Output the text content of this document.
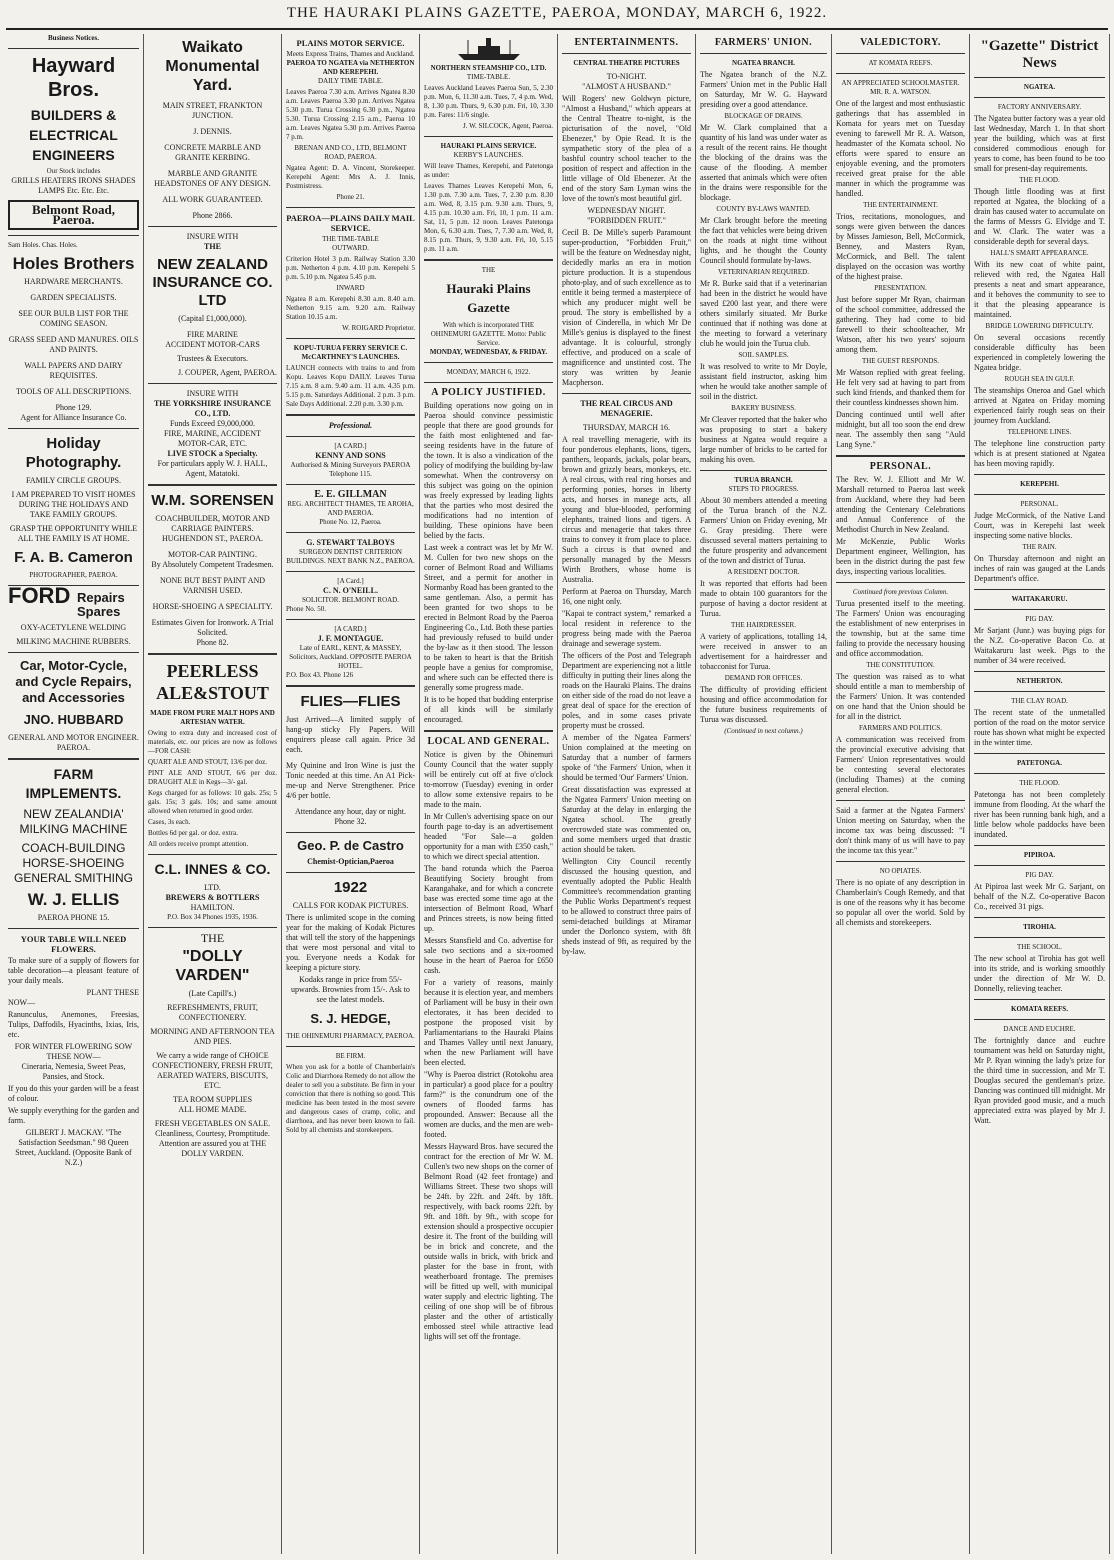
THE HAURAKI PLAINS GAZETTE, PAEROA, MONDAY, MARCH 6, 1922.
Business Notices.
Hayward Bros.
BUILDERS &
ELECTRICAL
ENGINEERS
Our Stock includes
GRILLS HEATERS IRONS SHADES LAMPS Etc. Etc. Etc.
Belmont Road, Paeroa.
Sam Holes. Chas. Holes.
Holes Brothers
HARDWARE MERCHANTS.
GARDEN SPECIALISTS.
SEE OUR BULB LIST FOR THE COMING SEASON.
GRASS SEED AND MANURES. OILS AND PAINTS.
WALL PAPERS AND DAIRY REQUISITES.
TOOLS OF ALL DESCRIPTIONS.
Phone 129.
Agent for Alliance Insurance Co.
Holiday Photography.
FAMILY CIRCLE GROUPS.
I AM PREPARED TO VISIT HOMES DURING THE HOLIDAYS AND TAKE FAMILY GROUPS.
GRASP THE OPPORTUNITY WHILE ALL THE FAMILY IS AT HOME.
F. A. B. Cameron
PHOTOGRAPHER, PAEROA.
FORD Repairs Spares
OXY-ACETYLENE WELDING
MILKING MACHINE RUBBERS.
Car, Motor-Cycle, and Cycle Repairs, and Accessories
JNO. HUBBARD
GENERAL AND MOTOR ENGINEER. PAEROA.
FARM IMPLEMENTS.
NEW ZEALANDIA' MILKING MACHINE
COACH-BUILDING HORSE-SHOEING GENERAL SMITHING
W. J. ELLIS
PAEROA PHONE 15.
YOUR TABLE WILL NEED FLOWERS.
To make sure of a supply of flowers for table decoration—a pleasant feature of your daily meals.
PLANT THESE
NOW—
Ranunculus, Anemones, Freesias, Tulips, Daffodils, Hyacinths, Ixias, Iris, etc.
FOR WINTER FLOWERING SOW THESE NOW—
Cineraria, Nemesia, Sweet Peas, Pansies, and Stock.
If you do this your garden will be a feast of colour.
We supply everything for the garden and farm.
GILBERT J. MACKAY. "The Satisfaction Seedsman." 98 Queen Street, Auckland. (Opposite Bank of N.Z.)
Waikato Monumental Yard.
MAIN STREET, FRANKTON JUNCTION.
J. DENNIS.
CONCRETE MARBLE AND GRANITE KERBING.
MARBLE AND GRANITE HEADSTONES OF ANY DESIGN.
ALL WORK GUARANTEED.
Phone 2866.
INSURE WITH
THE
NEW ZEALAND INSURANCE CO. LTD
(Capital £1,000,000).
FIRE MARINE
ACCIDENT MOTOR-CARS
Trustees & Executors.
J. COUPER, Agent, PAEROA.
INSURE WITH
THE YORKSHIRE INSURANCE CO., LTD.
Funds Exceed £9,000,000.
FIRE, MARINE, ACCIDENT MOTOR-CAR, ETC.
LIVE STOCK a Specialty.
For particulars apply W. J. HALL, Agent, Matatoki.
W.M. SORENSEN
COACHBUILDER, MOTOR AND CARRIAGE PAINTERS.
HUGHENDON ST., PAEROA.
MOTOR-CAR PAINTING.
By Absolutely Competent Tradesmen.
NONE BUT BEST PAINT AND VARNISH USED.
HORSE-SHOEING A SPECIALITY.
Estimates Given for Ironwork. A Trial Solicited.
Phone 82.
PEERLESS ALE&STOUT
MADE FROM PURE MALT HOPS AND ARTESIAN WATER.
Owing to extra duty and increased cost of materials, etc. our prices are now as follows—FOR CASH:
QUART ALE AND STOUT, 13/6 per doz.
PINT ALE AND STOUT, 6/6 per doz. DRAUGHT ALE in Kegs—3/- gal.
Kegs charged for as follows: 10 gals. 25s; 5 gals. 15s; 3 gals. 10s; and same amount allowed when returned in good order.
Cases, 3s each.
Bottles 6d per gal. or doz. extra.
All orders receive prompt attention.
C.L. INNES & CO.
LTD.
BREWERS & BOTTLERS
HAMILTON.
P.O. Box 34 Phones 1935, 1936.
THE
"DOLLY VARDEN"
(Late Capill's.)
REFRESHMENTS, FRUIT, CONFECTIONERY.
MORNING AND AFTERNOON TEA AND PIES.
We carry a wide range of CHOICE CONFECTIONERY, FRESH FRUIT, AERATED WATERS, BISCUITS, ETC.
TEA ROOM SUPPLIES
ALL HOME MADE.
FRESH VEGETABLES ON SALE. Cleanliness, Courtesy, Promptitude. Attention are assured you at THE DOLLY VARDEN.
PLAINS MOTOR SERVICE.
Meets Express Trains, Thames and Auckland.
PAEROA TO NGATEA via NETHERTON AND KEREPEHI.
DAILY TIME TABLE.
Leaves Paeroa 7.30 a.m. Arrives Ngatea 8.30 a.m. Leaves Paeroa 3.30 p.m. Arrives Ngatea 5.30 p.m. Turua Crossing 6.30 p.m., Ngatea 5.30. Turua Crossing 2.15 a.m., Paeroa 10 a.m. Leaves Ngatea 5.30 p.m. Arrives Paeroa 7 p.m.
BRENAN AND CO., LTD, BELMONT ROAD, PAEROA.
Ngatea Agent: D. A. Vincent, Storekeeper. Kerepehi Agent: Mrs A. J. Innis, Postmistress.
Phone 21.
PAEROA—PLAINS DAILY MAIL SERVICE.
THE TIME-TABLE
OUTWARD.
Criterion Hotel 3 p.m. Railway Station 3.30 p.m. Netherton 4 p.m. 4.10 p.m. Kerepehi 5 p.m. 5.10 p.m. Ngatea 5.45 p.m.
INWARD
Ngatea 8 a.m. Kerepehi 8.30 a.m. 8.40 a.m. Netherton 9.15 a.m. 9.20 a.m. Railway Station 10.15 a.m.
W. ROIGARD Proprietor.
KOPU-TURUA FERRY SERVICE C. McCARTHNEY'S LAUNCHES.
LAUNCH connects with trains to and from Kopu. Leaves Kopu DAILY. Leaves Turua 7.15 a.m. 8 a.m. 9.40 a.m. 11 a.m. 4.35 p.m. 5.15 p.m. Saturdays Additional. 2 p.m. 3 p.m. Sale Days Additional. 2.20 p.m. 3.30 p.m.
Professional.
[A CARD.]
KENNY AND SONS
Authorised & Mining Surveyors PAEROA
Telephone 115.
E. E. GILLMAN
REG. ARCHITECT THAMES, TE AROHA, AND PAEROA.
Phone No. 12, Paeroa.
G. STEWART TALBOYS
SURGEON DENTIST CRITERION BUILDINGS. NEXT BANK N.Z., PAEROA.
[A Card.]
C. N. O'NEILL.
SOLICITOR. BELMONT ROAD.
Phone No. 50.
[A CARD.]
J. F. MONTAGUE.
Late of EARL, KENT, & MASSEY, Solicitors, Auckland. OPPOSITE PAEROA HOTEL.
P.O. Box 43. Phone 126
FLIES—FLIES
Just Arrived—A limited supply of hang-up sticky Fly Papers. Will enquirers please call again. Price 3d each.
My Quinine and Iron Wine is just the Tonic needed at this time. An A1 Pick-me-up and Nerve Strengthener. Price 4/6 per bottle.
Attendance any hour, day or night.
Phone 32.
Geo. P. de Castro
Chemist-Optician,Paeroa
1922
CALLS FOR KODAK PICTURES.
There is unlimited scope in the coming year for the making of Kodak Pictures that will tell the story of the happenings that were most personal and vital to you. Everyone needs a Kodak for keeping a picture story.
Kodaks range in price from 55/- upwards. Brownies from 15/-. Ask to see the latest models.
S. J. HEDGE,
THE OHINEMURI PHARMACY, PAEROA.
BE FIRM.
When you ask for a bottle of Chamberlain's Colic and Diarrhoea Remedy do not allow the dealer to sell you a substitute. Be firm in your conviction that there is nothing so good. This medicine has been tested in the most severe and dangerous cases of cramp, colic, and diarrhoea, and has never been known to fail. Sold by all chemists and storekeepers.
NORTHERN STEAMSHIP CO., LTD.
TIME-TABLE.
Leaves Auckland Leaves Paeroa Sun, 5, 2.30 p.m. Mon, 6, 11.30 a.m. Tues, 7, 4 p.m. Wed, 8, 1.30 p.m. Thurs, 9, 6.30 p.m. Fri, 10, 3.30 p.m. Fares: 11/6 single.
J. W. SILCOCK, Agent, Paeroa.
HAURAKI PLAINS SERVICE.
KERBY'S LAUNCHES.
Will leave Thames, Kerepehi, and Patetonga as under:
Leaves Thames Leaves Kerepehi Mon, 6, 1.30 p.m. 7.30 a.m. Tues, 7, 2.30 p.m. 8.30 a.m. Wed, 8, 3.15 p.m. 9.30 a.m. Thurs, 9, 4.15 p.m. 10.30 a.m. Fri, 10, 1 p.m. 11 a.m. Sat, 11, 5 p.m. 12 noon. Leaves Patetonga Mon, 6, 6.30 a.m. Tues, 7, 7.30 a.m. Wed, 8, 8.15 p.m. Thurs, 9, 9.30 a.m. Fri, 10, 5.15 p.m. 11 a.m.
THE
Hauraki Plains Gazette
With which is incorporated THE OHINEMURI GAZETTE. Motto: Public Service.
MONDAY, WEDNESDAY, & FRIDAY.
MONDAY, MARCH 6, 1922.
A POLICY JUSTIFIED.
Building operations now going on in Paeroa should convince pessimistic people that there are good grounds for the faith most enlightened and far-seeing residents have in the future of the town. It is also a vindication of the policy of modifying the building by-law somewhat. When the controversy on this subject was going on the opinion was freely expressed by leading lights that the parties who most desired the modifications had no intention of building. These opinions have been belied by the facts.
Last week a contract was let by Mr W. M. Cullen for two new shops on the corner of Belmont Road and Williams Street, and a permit for another in Normanby Road has been granted to the same gentleman. Also, a permit has been granted for two shops to be erected in Belmont Road by the Paeroa Engineering Co., Ltd. Both these parties had previously refused to build under the by-law as it then stood. The lesson to be taken to heart is that the British people have a genius for compromise, and where such can be effected there is generally some progress made.
It is to be hoped that budding enterprise of all kinds will be similarly encouraged.
LOCAL AND GENERAL.
Notice is given by the Ohinemuri County Council that the water supply will be entirely cut off at five o'clock to-morrow (Tuesday) evening in order to allow some extensive repairs to be made to the main.
In Mr Cullen's advertising space on our fourth page to-day is an advertisement headed "For Sale—a golden opportunity for a man with £350 cash," to which we direct special attention.
The band rotunda which the Paeroa Beautifying Society brought from Karangahake, and for which a concrete base was erected some time ago at the intersection of Belmont Road, Wharf and Princes streets, is now being fitted up.
Messrs Stansfield and Co. advertise for sale two sections and a six-roomed house in the heart of Paeroa for £650 cash.
For a variety of reasons, mainly because it is election year, and members of Parliament will be busy in their own electorates, it has been decided to postpone the proposed visit by Parliamentarians to the Hauraki Plains and Thames Valley until next January, when the new Parliament will have been elected.
"Why is Paeroa district (Rotokohu area in particular) a good place for a poultry farm?" is the conundrum one of the owners of flooded farms has propounded. Answer: Because all the women are ducks, and the men are web-footed.
Messrs Hayward Bros. have secured the contract for the erection of Mr W. M. Cullen's two new shops on the corner of Belmont Road (42 feet frontage) and Williams Street. These two shops will be 24ft. by 22ft. and 24ft. by 18ft. respectively, with back rooms 22ft. by 9ft. and 18ft. by 9ft., with scope for extension should a prospective occupier desire it. The front of the building will be in brick and concrete, and the outside walls in brick, with brick and plaster for the base in front, with weatherboard frontage. The premises will be fitted up well, with municipal water supply and electric lighting. The ceiling of one shop will be of fibrous plaster and the other of artistically embossed steel while attractive lead lights will set off the frontage.
ENTERTAINMENTS.
CENTRAL THEATRE PICTURES
TO-NIGHT.
"ALMOST A HUSBAND."
Will Rogers' new Goldwyn picture, "Almost a Husband," which appears at the Central Theatre to-night, is the picturisation of the novel, "Old Ebenezer," by Opie Read. It is the sympathetic story of the plea of a bashful country school teacher to the position of respect and affection in the little village of Old Ebenezer. At the end of the story Sam Lyman wins the love of the town's most beautiful girl.
WEDNESDAY NIGHT.
"FORBIDDEN FRUIT."
Cecil B. De Mille's superb Paramount super-production, "Forbidden Fruit," will be the feature on Wednesday night, decidedly marks an era in motion picture production. It is a stupendous photo-play, and of such excellence as to entitle it being termed a masterpiece of which any producer might well be proud. The story is embellished by a vision of Cinderella, in which Mr De Mille's genius is displayed to the finest advantage. It is colourful, strongly effective, and produced on a scale of magnificence and unstinted cost. The story was written by Jeanie Macpherson.
THE REAL CIRCUS AND MENAGERIE.
THURSDAY, MARCH 16.
A real travelling menagerie, with its four ponderous elephants, lions, tigers, panthers, leopards, jackals, polar bears, brown and grizzly bears, monkeys, etc. A real circus, with real ring horses and performing ponies, horses in liberty acts, and horses in manege acts, all young and blue-blooded, performing elephants, trained lions and tigers. A circus and menagerie that takes three trains to convey it from place to place. Such a circus is that owned and personally managed by the Messrs Wirth Brothers, whose home is Australia.
Perform at Paeroa on Thursday, March 16, one night only.
"Kapai te contract system," remarked a local resident in reference to the progress being made with the Paeroa drainage and sewerage system.
The officers of the Post and Telegraph Department are experiencing not a little difficulty in putting their lines along the roads on the Hauraki Plains. The drains on either side of the road do not leave a great deal of space for the erection of poles, and in some cases private property must be crossed.
A member of the Ngatea Farmers' Union complained at the meeting on Saturday that a number of farmers spoke of "the Farmers' Union, when it should be termed 'Our' Farmers' Union.
Great dissatisfaction was expressed at the Ngatea Farmers' Union meeting on Saturday at the delay in enlarging the Ngatea school. The greatly overcrowded state was commented on, and some members urged that drastic action should be taken.
Wellington City Council recently discussed the housing question, and eventually adopted the Public Health Committee's recommendation granting the Public Works Department's request to be allowed to construct three pairs of semi-detached buildings at Miramar under the Dorlonco system, with 8ft sheds instead of 9ft, as required by the by-law.
FARMERS' UNION.
NGATEA BRANCH.
The Ngatea branch of the N.Z. Farmers' Union met in the Public Hall on Saturday, Mr W. G. Hayward presiding over a good attendance.
BLOCKAGE OF DRAINS.
Mr W. Clark complained that a quantity of his land was under water as a result of the recent rains. He thought the blocking of the drains was the cause of the flooding. A member asserted that animals which were often in the drains were responsible for the blockage.
COUNTY BY-LAWS WANTED.
Mr Clark brought before the meeting the fact that vehicles were being driven on the roads at night time without lights, and he thought the County Council should formulate by-laws.
VETERINARIAN REQUIRED.
Mr R. Burke said that if a veterinarian had been in the district he would have saved £200 last year, and there were others similarly situated. Mr Burke continued that if nothing was done at the meeting to forward a veterinary club he would join the Turua club.
SOIL SAMPLES.
It was resolved to write to Mr Doyle, assistant field instructor, asking him when he would take another sample of soil in the district.
BAKERY BUSINESS.
Mr Cleaver reported that the baker who was proposing to start a bakery business at Ngatea would require a large number of bricks to be carted for making his oven.
TURUA BRANCH.
STEPS TO PROGRESS.
About 30 members attended a meeting of the Turua branch of the N.Z. Farmers' Union on Friday evening, Mr G. Gray presiding. There were discussed several matters pertaining to the future prosperity and advancement of the town and district of Turua.
A RESIDENT DOCTOR.
It was reported that efforts had been made to obtain 100 guarantors for the purpose of having a doctor resident at Turua.
THE HAIRDRESSER.
A variety of applications, totalling 14, were received in answer to an advertisement for a hairdresser and tobacconist for Turua.
DEMAND FOR OFFICES.
The difficulty of providing efficient housing and office accommodation for the future business requirements of Turua was discussed.
(Continued in next column.)
VALEDICTORY.
AT KOMATA REEFS.
AN APPRECIATED SCHOOLMASTER.
MR. R. A. WATSON.
One of the largest and most enthusiastic gatherings that has assembled in Komata for years met on Tuesday evening to farewell Mr R. A. Watson, headmaster of the Komata school. No efforts were spared to ensure an enjoyable evening, and the promoters received great praise for the able manner in which the programme was handled.
THE ENTERTAINMENT.
Trios, recitations, monologues, and songs were given between the dances by Misses Jamieson, Bell, McCormick, Benney, and Masters Ryan, McCormick, and Bell. The talent displayed on the occasion was worthy of the highest praise.
PRESENTATION.
Just before supper Mr Ryan, chairman of the school committee, addressed the gathering. They had come to bid farewell to their schoolteacher, Mr Watson, after his two years' sojourn among them.
THE GUEST RESPONDS.
Mr Watson replied with great feeling. He felt very sad at having to part from such kind friends, and thanked them for their countless kindnesses shown him.
Dancing continued until well after midnight, but all too soon the end drew near. The assembly then sang "Auld Lang Syne."
PERSONAL.
The Rev. W. J. Elliott and Mr W. Marshall returned to Paeroa last week from Auckland, where they had been attending the Centenary Celebrations and Annual Conference of the Methodist Church in New Zealand.
Mr McKenzie, Public Works Department engineer, Wellington, has been in the district during the past few days, inspecting various localities.
Continued from previous Column.
Turua presented itself to the meeting. The Farmers' Union was encouraging the establishment of new enterprises in the township, but at the same time failing to provide the necessary housing and office accommodation.
THE CONSTITUTION.
The question was raised as to what should entitle a man to membership of the Farmers' Union. It was contended on one hand that the Union should be for all in the district.
FARMERS AND POLITICS.
A communication was received from the provincial executive advising that Farmers' Union representatives would be contesting several electorates (including Thames) at the coming general election.
Said a farmer at the Ngatea Farmers' Union meeting on Saturday, when the income tax was being discussed: "I don't think many of us will have to pay the income tax this year."
NO OPIATES.
There is no opiate of any description in Chamberlain's Cough Remedy, and that is one of the reasons why it has become so popular all over the world. Sold by all chemists and storekeepers.
"Gazette" District News
NGATEA.
FACTORY ANNIVERSARY.
The Ngatea butter factory was a year old last Wednesday, March 1. In that short year the building, which was at first considered commodious enough for years to come, has been found to be too small for present-day requirements.
THE FLOOD.
Though little flooding was at first reported at Ngatea, the blocking of a drain has caused water to accumulate on the farms of Messrs G. Elvidge and T. and W. Clark. The water was a considerable depth for several days.
HALL'S SMART APPEARANCE.
With its new coat of white paint, relieved with red, the Ngatea Hall presents a neat and smart appearance, and it behoves the community to see to it that the pleasing appearance is maintained.
BRIDGE LOWERING DIFFICULTY.
On several occasions recently considerable difficulty has been experienced in completely lowering the Ngatea bridge.
ROUGH SEA IN GULF.
The steamships Oneroa and Gael which arrived at Ngatea on Friday morning experienced fairly rough seas on their journey from Auckland.
TELEPHONE LINES.
The telephone line construction party which is at present stationed at Ngatea has been moving rapidly.
KEREPEHI.
PERSONAL.
Judge McCormick, of the Native Land Court, was in Kerepehi last week inspecting some native blocks.
THE RAIN.
On Thursday afternoon and night an inches of rain was gauged at the Lands Department's office.
WAITAKARURU.
PIG DAY.
Mr Sarjant (Junr.) was buying pigs for the N.Z. Co-operative Bacon Co. at Waitakaruru last week. Pigs to the number of 34 were received.
NETHERTON.
THE CLAY ROAD.
The recent state of the unmetalled portion of the road on the motor service route has shown what might be expected in the winter time.
PATETONGA.
THE FLOOD.
Patetonga has not been completely immune from flooding. At the wharf the river has been running bank high, and a little below whole paddocks have been inundated.
PIPIROA.
PIG DAY.
At Pipiroa last week Mr G. Sarjant, on behalf of the N.Z. Co-operative Bacon Co., received 31 pigs.
TIROHIA.
THE SCHOOL.
The new school at Tirohia has got well into its stride, and is working smoothly under the direction of Mr W. D. Donnelly, relieving teacher.
KOMATA REEFS.
DANCE AND EUCHRE.
The fortnightly dance and euchre tournament was held on Saturday night, Mr P. Ryan winning the lady's prize for the third time in succession, and Mr T. Douglas secured the gentleman's prize. Dancing was continued till midnight. Mr Ryan provided good music, and a much appreciated extra was played by Mr J. Watt.
